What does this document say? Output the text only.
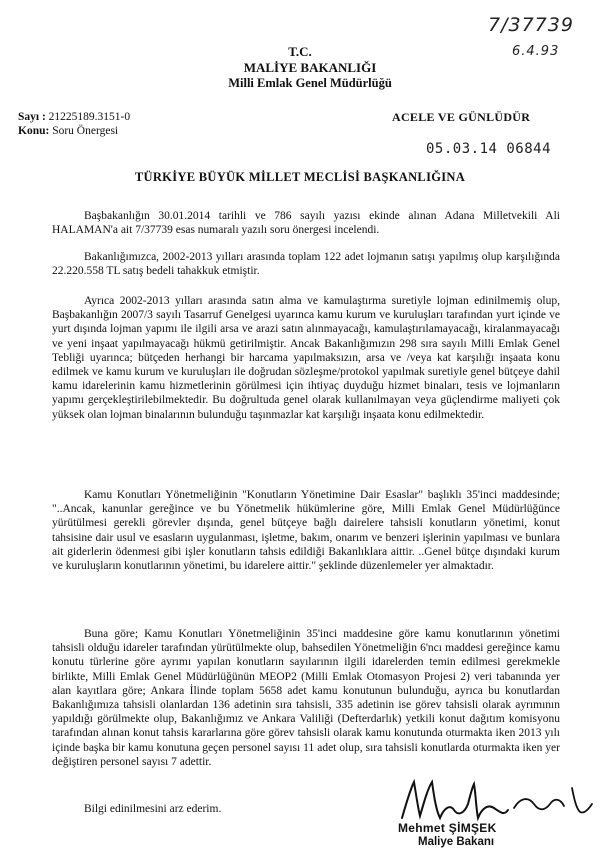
7/37739
6.4.93
T.C.
MALİYE BAKANLIĞI
Milli Emlak Genel Müdürlüğü
Sayı : 21225189.3151-0
Konu: Soru Önergesi
ACELE VE GÜNLÜDÜR
05.03.14 06844
TÜRKİYE BÜYÜK MİLLET MECLİSİ BAŞKANLIĞINA

Başbakanlığın 30.01.2014 tarihli ve 786 sayılı yazısı ekinde alınan Adana Milletvekili Ali HALAMAN'a ait 7/37739 esas numaralı yazılı soru önergesi incelendi.

Bakanlığımızca, 2002-2013 yılları arasında toplam 122 adet lojmanın satışı yapılmış olup karşılığında 22.220.558 TL satış bedeli tahakkuk etmiştir.

Ayrıca 2002-2013 yılları arasında satın alma ve kamulaştırma suretiyle lojman edinilmemiş olup, Başbakanlığın 2007/3 sayılı Tasarruf Genelgesi uyarınca kamu kurum ve kuruluşları tarafından yurt içinde ve yurt dışında lojman yapımı ile ilgili arsa ve arazi satın alınmayacağı, kamulaştırılamayacağı, kiralanmayacağı ve yeni inşaat yapılmayacağı hükmü getirilmiştir. Ancak Bakanlığımızın 298 sıra sayılı Milli Emlak Genel Tebliği uyarınca; bütçeden herhangi bir harcama yapılmaksızın, arsa ve /veya kat karşılığı inşaata konu edilmek ve kamu kurum ve kuruluşları ile doğrudan sözleşme/protokol yapılmak suretiyle genel bütçeye dahil kamu idarelerinin kamu hizmetlerinin görülmesi için ihtiyaç duyduğu hizmet binaları, tesis ve lojmanların yapımı gerçekleştirilebilmektedir. Bu doğrultuda genel olarak kullanılmayan veya güçlendirme maliyeti çok yüksek olan lojman binalarının bulunduğu taşınmazlar kat karşılığı inşaata konu edilmektedir.

Kamu Konutları Yönetmeliğinin "Konutların Yönetimine Dair Esaslar" başlıklı 35'inci maddesinde; "..Ancak, kanunlar gereğince ve bu Yönetmelik hükümlerine göre, Milli Emlak Genel Müdürlüğünce yürütülmesi gerekli görevler dışında, genel bütçeye bağlı dairelere tahsisli konutların yönetimi, konut tahsisine dair usul ve esasların uygulanması, işletme, bakım, onarım ve benzeri işlerinin yapılması ve bunlara ait giderlerin ödenmesi gibi işler konutların tahsis edildiği Bakanlıklara aittir. ..Genel bütçe dışındaki kurum ve kuruluşların konutlarının yönetimi, bu idarelere aittir." şeklinde düzenlemeler yer almaktadır.

Buna göre; Kamu Konutları Yönetmeliğinin 35'inci maddesine göre kamu konutlarının yönetimi tahsisli olduğu idareler tarafından yürütülmekte olup, bahsedilen Yönetmeliğin 6'ncı maddesi gereğince kamu konutu türlerine göre ayrımı yapılan konutların sayılarının ilgili idarelerden temin edilmesi gerekmekle birlikte, Milli Emlak Genel Müdürlüğünün MEOP2 (Milli Emlak Otomasyon Projesi 2) veri tabanında yer alan kayıtlara göre; Ankara İlinde toplam 5658 adet kamu konutunun bulunduğu, ayrıca bu konutlardan Bakanlığımıza tahsisli olanlardan 136 adetinin sıra tahsisli, 335 adetinin ise görev tahsisli olarak ayrımının yapıldığı görülmekte olup, Bakanlığımız ve Ankara Valiliği (Defterdarlık) yetkili konut dağıtım komisyonu tarafından alınan konut tahsis kararlarına göre görev tahsisli olarak kamu konutunda oturmakta iken 2013 yılı içinde başka bir kamu konutuna geçen personel sayısı 11 adet olup, sıra tahsisli konutlarda oturmakta iken yer değiştiren personel sayısı 7 adettir.

Bilgi edinilmesini arz ederim.
Mehmet ŞİMŞEK
Maliye Bakanı
